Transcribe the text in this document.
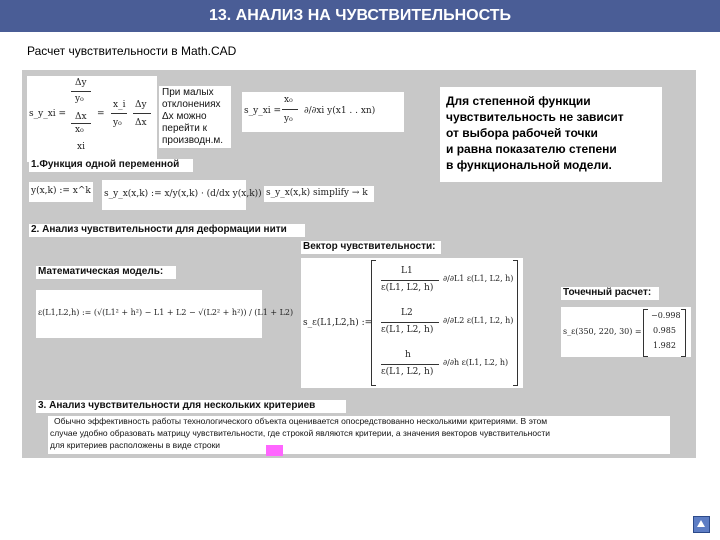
13. АНАЛИЗ НА ЧУВСТВИТЕЛЬНОСТЬ
Расчет чувствительности в Math.CAD
Δy
y₀
s_y_xi = Δx
x₀
xi
=
x_i
y₀
Δy
Δx
При малых
отклонениях
Δx можно
перейти к
производн.м.
s_y_xi =
x₀
y₀
∂/∂xi y(x1 . . xn)
1.Функция одной переменной
y(x,k) := x^k s_y_x(x,k) := x/y(x,k) · (d/dx y(x,k)) s_y_x(x,k) simplify → k
2. Анализ чувствительности для деформации нити
Математическая модель:
ε(L1,L2,h) := (√(L1² + h²) − L1 + L2 − √(L2² + h²)) / (L1 + L2)
Вектор чувствительности:
s_ε(L1,L2,h) :=
L1
ε(L1, L2, h)
∂/∂L1 ε(L1, L2, h)
L2
ε(L1, L2, h)
∂/∂L2 ε(L1, L2, h)
h
ε(L1, L2, h)
∂/∂h ε(L1, L2, h)
Точечный расчет:
s_ε(350, 220, 30) =
−0.998
0.985
1.982
3. Анализ чувствительности для нескольких критериев
Обычно эффективность работы технологического объекта оценивается опосредствованно несколькими критериями. В этом
случае удобно образовать матрицу чувствительности, где строкой являются критерии, а значения векторов чувствительности
для критериев расположены в виде строки
Для степенной функции
чувствительность не зависит
от выбора рабочей точки
и равна показателю степени
в функциональной модели.
